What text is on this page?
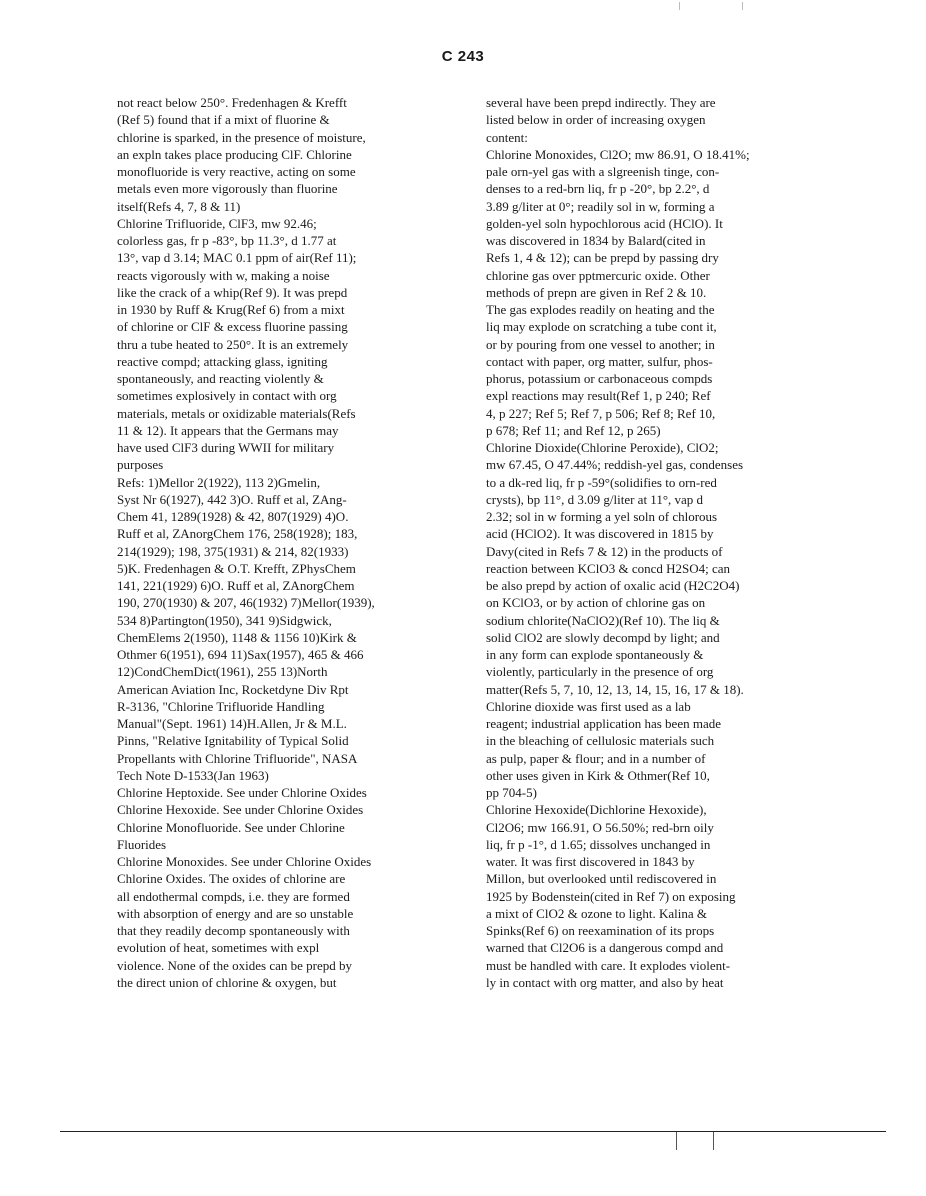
C 243
not react below 250°. Fredenhagen & Krefft
(Ref 5) found that if a mixt of fluorine &
chlorine is sparked, in the presence of moisture,
an expln takes place producing ClF. Chlorine
monofluoride is very reactive, acting on some
metals even more vigorously than fluorine
itself(Refs 4, 7, 8 & 11)
Chlorine Trifluoride, ClF3, mw 92.46;
colorless gas, fr p -83°, bp 11.3°, d 1.77 at
13°, vap d 3.14; MAC 0.1 ppm of air(Ref 11);
reacts vigorously with w, making a noise
like the crack of a whip(Ref 9). It was prepd
in 1930 by Ruff & Krug(Ref 6) from a mixt
of chlorine or ClF & excess fluorine passing
thru a tube heated to 250°. It is an extremely
reactive compd; attacking glass, igniting
spontaneously, and reacting violently &
sometimes explosively in contact with org
materials, metals or oxidizable materials(Refs
11 & 12). It appears that the Germans may
have used ClF3 during WWII for military
purposes
Refs: 1)Mellor 2(1922), 113 2)Gmelin,
Syst Nr 6(1927), 442 3)O. Ruff et al, ZAng-
Chem 41, 1289(1928) & 42, 807(1929) 4)O.
Ruff et al, ZAnorgChem 176, 258(1928); 183,
214(1929); 198, 375(1931) & 214, 82(1933)
5)K. Fredenhagen & O.T. Krefft, ZPhysChem
141, 221(1929) 6)O. Ruff et al, ZAnorgChem
190, 270(1930) & 207, 46(1932) 7)Mellor(1939),
534 8)Partington(1950), 341 9)Sidgwick,
ChemElems 2(1950), 1148 & 1156 10)Kirk &
Othmer 6(1951), 694 11)Sax(1957), 465 & 466
12)CondChemDict(1961), 255 13)North
American Aviation Inc, Rocketdyne Div Rpt
R-3136, "Chlorine Trifluoride Handling
Manual"(Sept. 1961) 14)H.Allen, Jr & M.L.
Pinns, "Relative Ignitability of Typical Solid
Propellants with Chlorine Trifluoride", NASA
Tech Note D-1533(Jan 1963)
Chlorine Heptoxide. See under Chlorine Oxides
Chlorine Hexoxide. See under Chlorine Oxides
Chlorine Monofluoride. See under Chlorine
Fluorides
Chlorine Monoxides. See under Chlorine Oxides
Chlorine Oxides. The oxides of chlorine are
all endothermal compds, i.e. they are formed
with absorption of energy and are so unstable
that they readily decomp spontaneously with
evolution of heat, sometimes with expl
violence. None of the oxides can be prepd by
the direct union of chlorine & oxygen, but
several have been prepd indirectly. They are
listed below in order of increasing oxygen
content:
Chlorine Monoxides, Cl2O; mw 86.91, O 18.41%;
pale orn-yel gas with a slgreenish tinge, con-
denses to a red-brn liq, fr p -20°, bp 2.2°, d
3.89 g/liter at 0°; readily sol in w, forming a
golden-yel soln hypochlorous acid (HClO). It
was discovered in 1834 by Balard(cited in
Refs 1, 4 & 12); can be prepd by passing dry
chlorine gas over pptmercuric oxide. Other
methods of prepn are given in Ref 2 & 10.
The gas explodes readily on heating and the
liq may explode on scratching a tube cont it,
or by pouring from one vessel to another; in
contact with paper, org matter, sulfur, phos-
phorus, potassium or carbonaceous compds
expl reactions may result(Ref 1, p 240; Ref
4, p 227; Ref 5; Ref 7, p 506; Ref 8; Ref 10,
p 678; Ref 11; and Ref 12, p 265)
Chlorine Dioxide(Chlorine Peroxide), ClO2;
mw 67.45, O 47.44%; reddish-yel gas, condenses
to a dk-red liq, fr p -59°(solidifies to orn-red
crysts), bp 11°, d 3.09 g/liter at 11°, vap d
2.32; sol in w forming a yel soln of chlorous
acid (HClO2). It was discovered in 1815 by
Davy(cited in Refs 7 & 12) in the products of
reaction between KClO3 & concd H2SO4; can
be also prepd by action of oxalic acid (H2C2O4)
on KClO3, or by action of chlorine gas on
sodium chlorite(NaClO2)(Ref 10). The liq &
solid ClO2 are slowly decompd by light; and
in any form can explode spontaneously &
violently, particularly in the presence of org
matter(Refs 5, 7, 10, 12, 13, 14, 15, 16, 17 & 18).
Chlorine dioxide was first used as a lab
reagent; industrial application has been made
in the bleaching of cellulosic materials such
as pulp, paper & flour; and in a number of
other uses given in Kirk & Othmer(Ref 10,
pp 704-5)
Chlorine Hexoxide(Dichlorine Hexoxide),
Cl2O6; mw 166.91, O 56.50%; red-brn oily
liq, fr p -1°, d 1.65; dissolves unchanged in
water. It was first discovered in 1843 by
Millon, but overlooked until rediscovered in
1925 by Bodenstein(cited in Ref 7) on exposing
a mixt of ClO2 & ozone to light. Kalina &
Spinks(Ref 6) on reexamination of its props
warned that Cl2O6 is a dangerous compd and
must be handled with care. It explodes violent-
ly in contact with org matter, and also by heat
